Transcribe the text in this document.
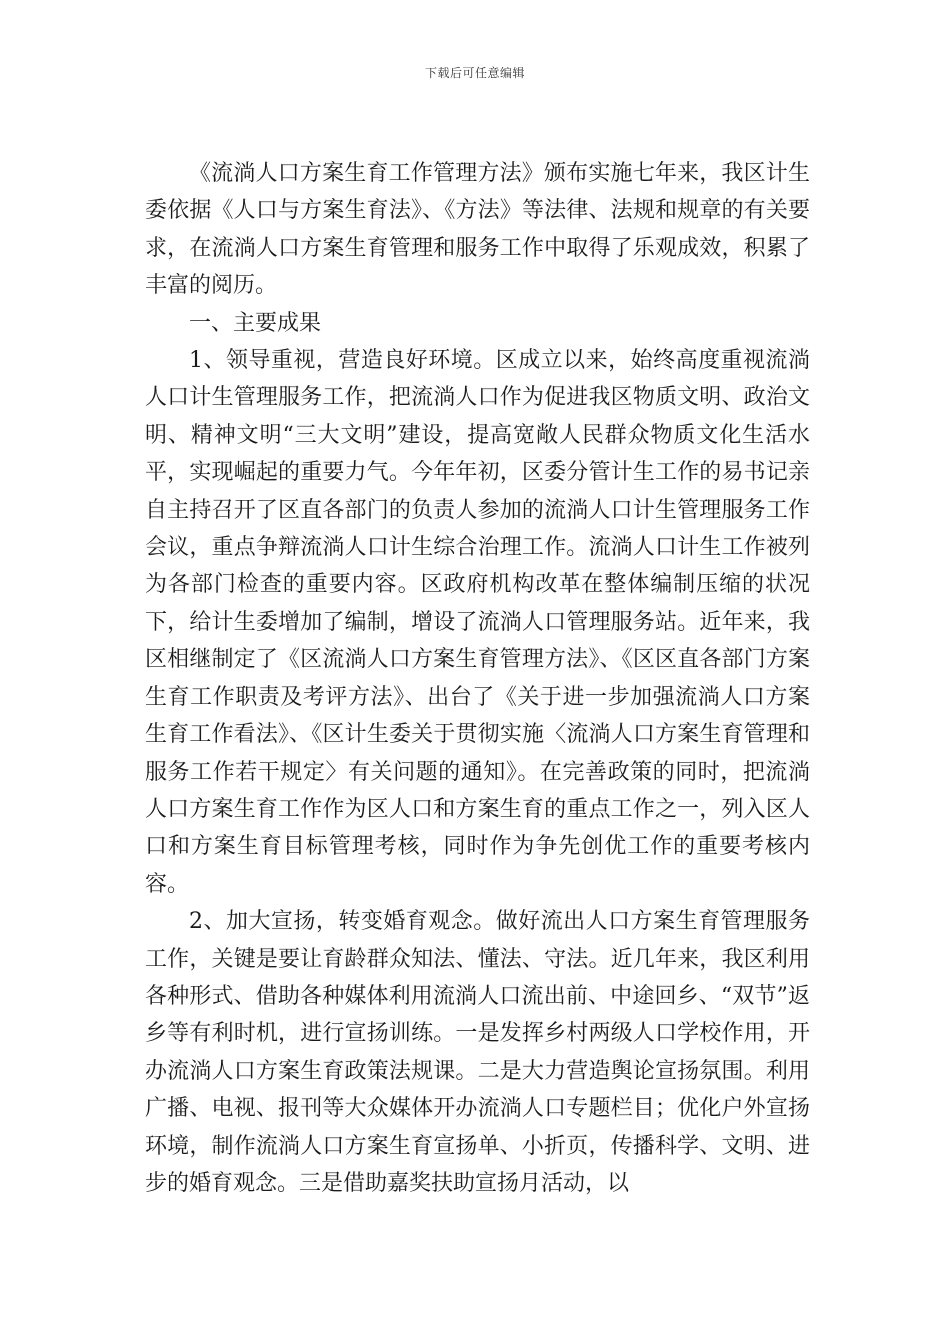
下载后可任意编辑

《流淌人口方案生育工作管理方法》颁布实施七年来，我区计生委依据《人口与方案生育法》、《方法》等法律、法规和规章的有关要求，在流淌人口方案生育管理和服务工作中取得了乐观成效，积累了丰富的阅历。

一、主要成果

1、领导重视，营造良好环境。区成立以来，始终高度重视流淌人口计生管理服务工作，把流淌人口作为促进我区物质文明、政治文明、精神文明“三大文明”建设，提高宽敞人民群众物质文化生活水平，实现崛起的重要力气。今年年初，区委分管计生工作的易书记亲自主持召开了区直各部门的负责人参加的流淌人口计生管理服务工作会议，重点争辩流淌人口计生综合治理工作。流淌人口计生工作被列为各部门检查的重要内容。区政府机构改革在整体编制压缩的状况下，给计生委增加了编制，增设了流淌人口管理服务站。近年来，我区相继制定了《区流淌人口方案生育管理方法》、《区区直各部门方案生育工作职责及考评方法》、出台了《关于进一步加强流淌人口方案生育工作看法》、《区计生委关于贯彻实施〈流淌人口方案生育管理和服务工作若干规定〉有关问题的通知》。在完善政策的同时，把流淌人口方案生育工作作为区人口和方案生育的重点工作之一，列入区人口和方案生育目标管理考核，同时作为争先创优工作的重要考核内容。

2、加大宣扬，转变婚育观念。做好流出人口方案生育管理服务工作，关键是要让育龄群众知法、懂法、守法。近几年来，我区利用各种形式、借助各种媒体利用流淌人口流出前、中途回乡、“双节”返乡等有利时机，进行宣扬训练。一是发挥乡村两级人口学校作用，开办流淌人口方案生育政策法规课。二是大力营造舆论宣扬氛围。利用广播、电视、报刊等大众媒体开办流淌人口专题栏目；优化户外宣扬环境，制作流淌人口方案生育宣扬单、小折页，传播科学、文明、进步的婚育观念。三是借助嘉奖扶助宣扬月活动，以
